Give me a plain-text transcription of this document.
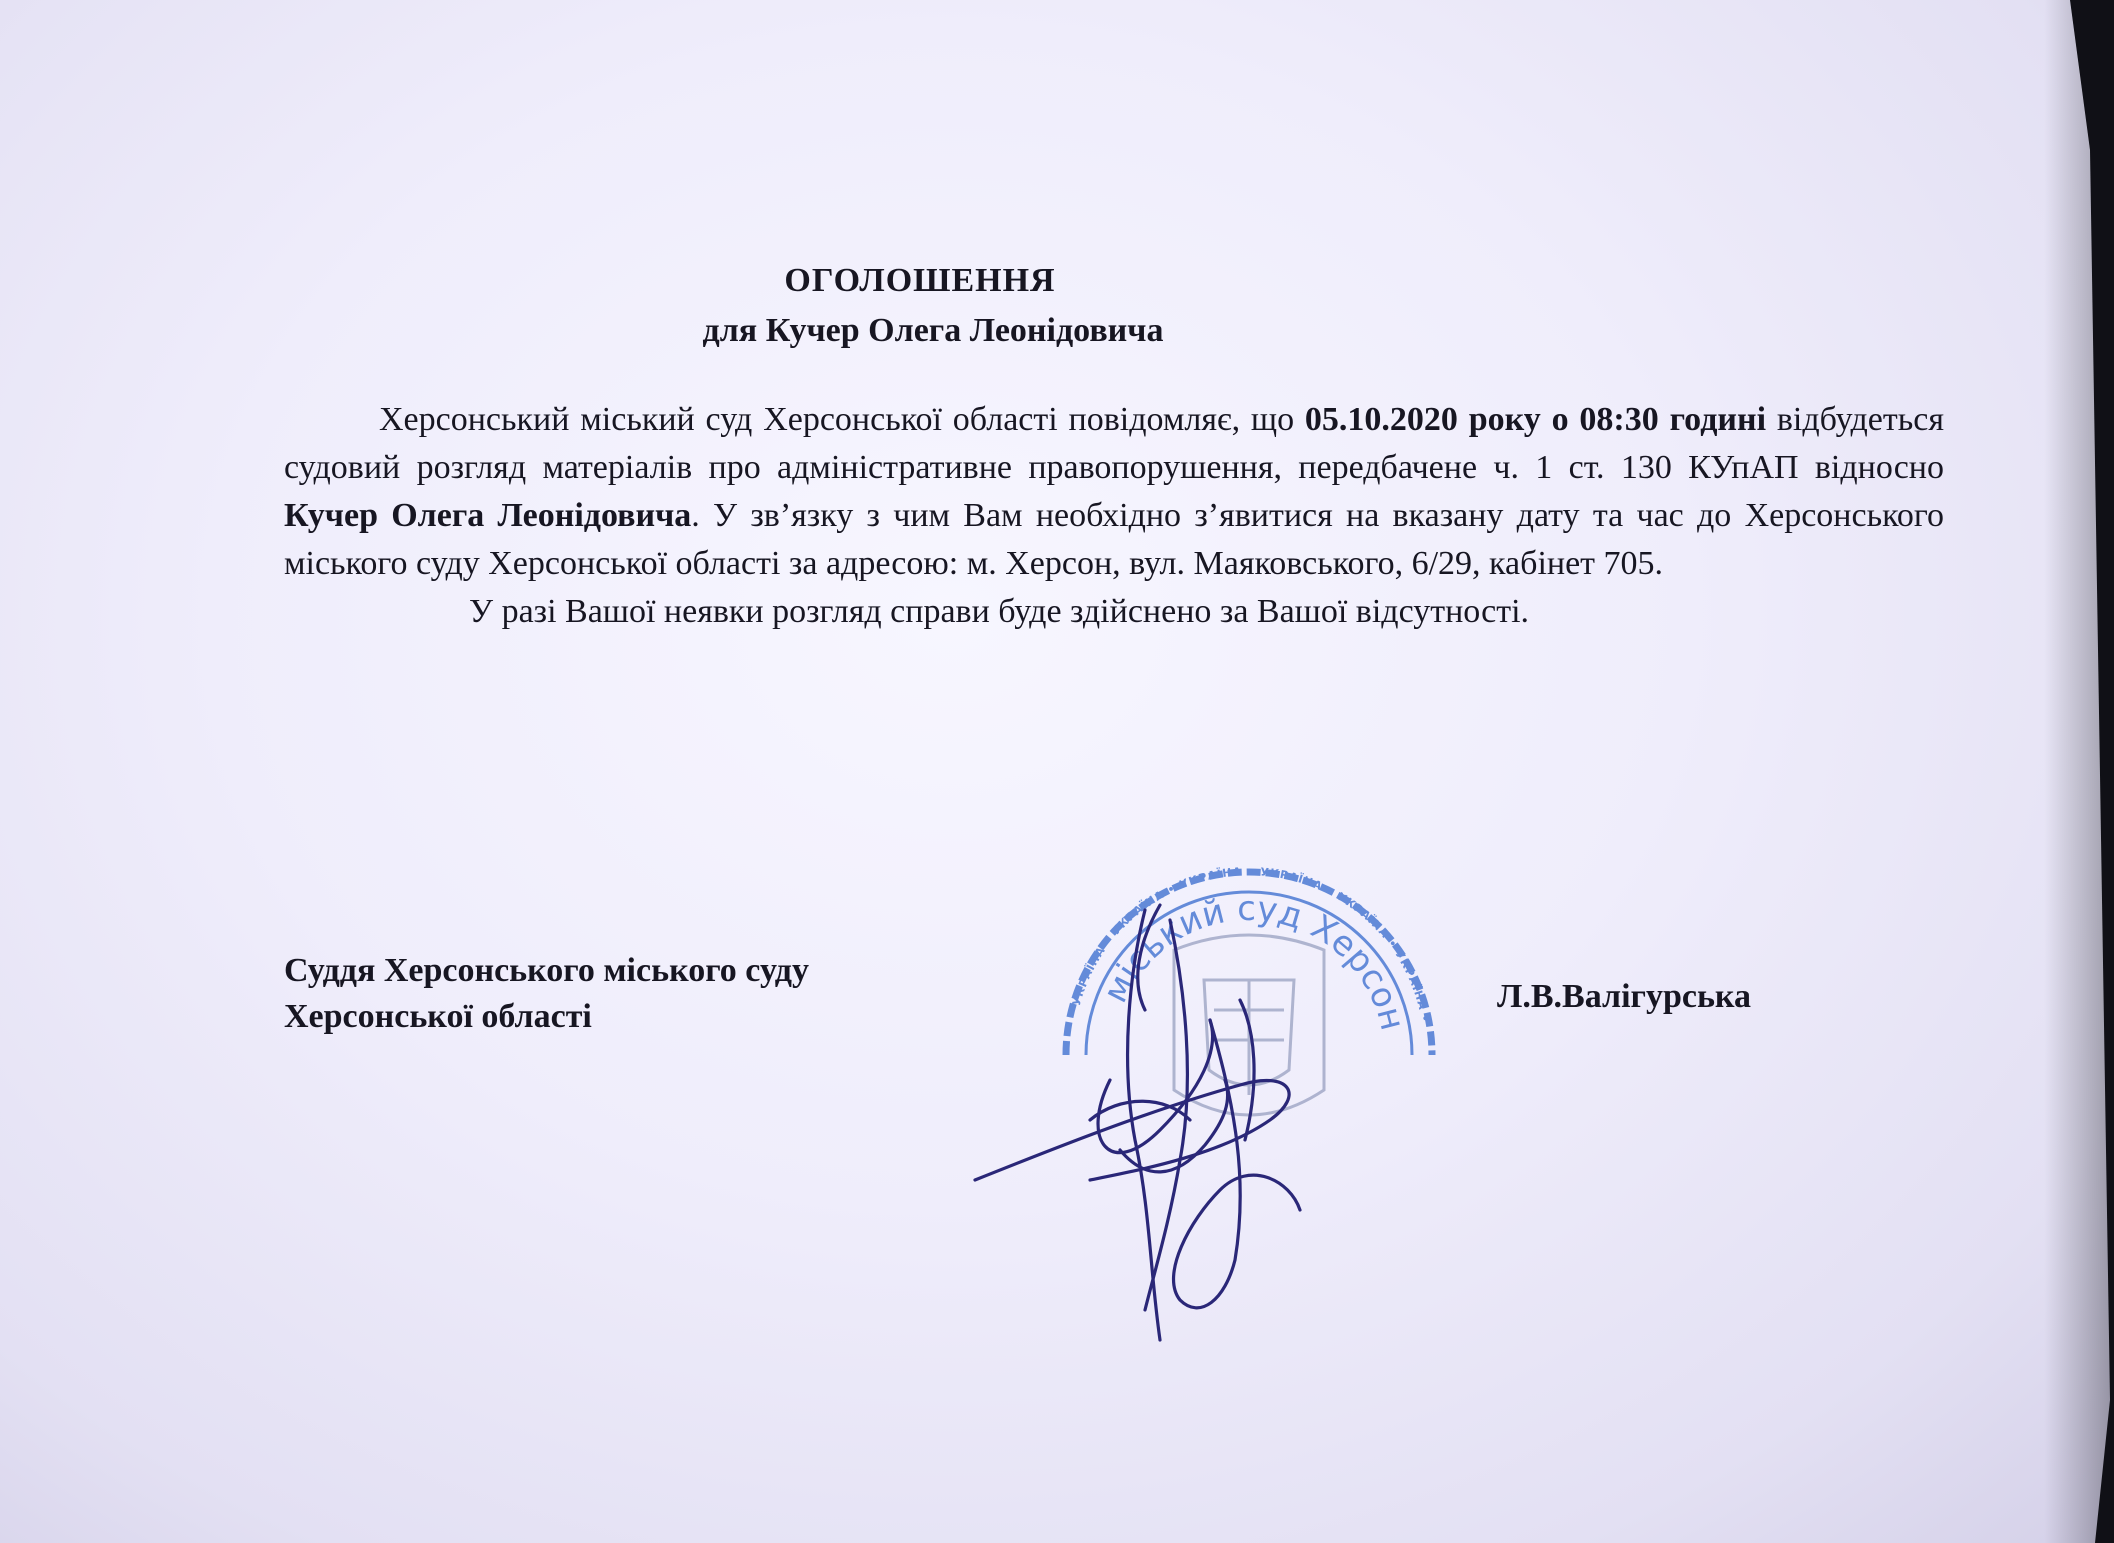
ОГОЛОШЕННЯ
для Кучер Олега Леонідовича

Херсонський міський суд Херсонської області повідомляє, що 05.10.2020 року о 08:30 годині відбудеться судовий розгляд матеріалів про адміністративне правопорушення, передбачене ч. 1 ст. 130 КУпАП відносно Кучер Олега Леонідовича. У зв’язку з чим Вам необхідно з’явитися на вказану дату та час до Херсонського міського суду Херсонської області за адресою: м. Херсон, вул. Маяковського, 6/29, кабінет 705.

У разі Вашої неявки розгляд справи буде здійснено за Вашої відсутності.

Суддя Херсонського міського суду
Херсонської області
Л.В.Валігурська
УКРАЇНА • УКРАЇНА • УКРАЇНА • УКРАЇНА • УКРАЇНА • УКРАЇНА •
міський суд Херсон
